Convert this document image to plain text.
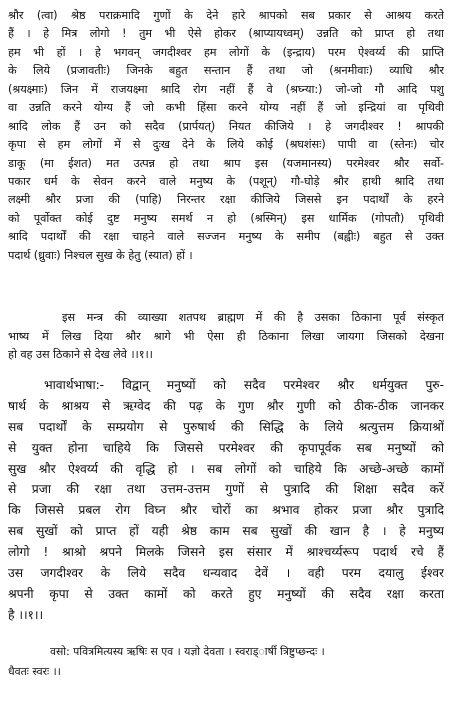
श्रौर (त्वा) श्रेष्ठ पराक्रमादि गुणों के देने हारे श्रापको सब प्रकार से आश्रय करते
हैं । हे मित्र लोगो ! तुम भी ऐसे होकर (श्राप्यायध्वम्) उन्नति को प्राप्त हो तथा
हम भी हों । हे भगवन् जगदीश्वर हम लोगों के (इन्द्राय) परम ऐश्वर्य्य की प्राप्ति
के लिये (प्रजावतीः) जिनके बहुत सन्तान हैं तथा जो (श्रनमीवाः) व्याधि श्रौर
(श्रयक्ष्माः) जिन में राजयक्ष्मा श्रादि रोग नहीं हैं वे (श्रघ्न्या:) जो-जो गौ आदि पशु
वा उन्नति करने योग्य हैं जो कभी हिंसा करने योग्य नहीं हैं जो इन्द्रियां वा पृथिवी
श्रादि लोक हैं उन को सदैव (प्रार्पयत्) नियत कीजिये । हे जगदीश्वर ! श्रापकी
कृपा से हम लोगों में से दुःख देने के लिये कोई (श्रघशंसः) पापी वा (स्तेनः) चोर
डाकू (मा ईशत) मत उत्पन्न हो तथा श्राप इस (यजमानस्य) परमेश्वर श्रौर सर्वो-
पकार धर्म के सेवन करने वाले मनुष्य के (पशून्) गौ-घोड़े श्रौर हाथी श्रादि तथा
लक्ष्मी श्रौर प्रजा की (पाहि) निरन्तर रक्षा कीजिये जिससे इन पदार्थों के हरने
को पूर्वोक्त कोई दुष्ट मनुष्य समर्थ न हो (श्रस्मिन्) इस धार्मिक (गोपतौ) पृथिवी
श्रादि पदार्थों की रक्षा चाहने वाले सज्जन मनुष्य के समीप (बह्वीः) बहुत से उक्त
पदार्थ (ध्रुवाः) निश्चल सुख के हेतु (स्यात) हों ।
इस मन्त्र की व्याख्या शतपथ ब्राह्मण में की है उसका ठिकाना पूर्व संस्कृत
भाष्य में लिख दिया श्रौर श्रागे भी ऐसा ही ठिकाना लिखा जायगा जिसको देखना
हो वह उस ठिकाने से देख लेवे ।।१।।
भावार्थभाषा:- विद्वान् मनुष्यों को सदैव परमेश्वर श्रौर धर्मयुक्त पुरु-
षार्थ के श्राश्रय से ऋग्वेद की पढ़ के गुण श्रौर गुणी को ठीक-ठीक जानकर
सब पदार्थों के सम्प्रयोग से पुरुषार्थ की सिद्धि के लिये श्रत्युत्तम क्रियाश्रों
से युक्त होना चाहिये कि जिससे परमेश्वर की कृपापूर्वक सब मनुष्यों को
सुख श्रौर ऐश्वर्य्य की वृद्धि हो । सब लोगों को चाहिये कि अच्छे-अच्छे कामों
से प्रजा की रक्षा तथा उत्तम-उत्तम गुणों से पुत्रादि की शिक्षा सदैव करें
कि जिससे प्रबल रोग विघ्न श्रौर चोरों का श्रभाव होकर प्रजा श्रौर पुत्रादि
सब सुखों को प्राप्त हों यही श्रेष्ठ काम सब सुखों की खान है । हे मनुष्य
लोगो ! श्राश्रो श्रपने मिलके जिसने इस संसार में श्राश्चर्य्यरूप पदार्थ रचे हैं
उस जगदीश्वर के लिये सदैव धन्यवाद देवें । वही परम दयालु ईश्वर
श्रपनी कृपा से उक्त कामों को करते हुए मनुष्यों की सदैव रक्षा करता
है ।।१।।
वसो: पवित्रमित्यस्य ऋषिः स एव । यज्ञो देवता । स्वराड्ार्षी त्रिष्टुप्छन्दः ।
धैवतः स्वरः ।।
